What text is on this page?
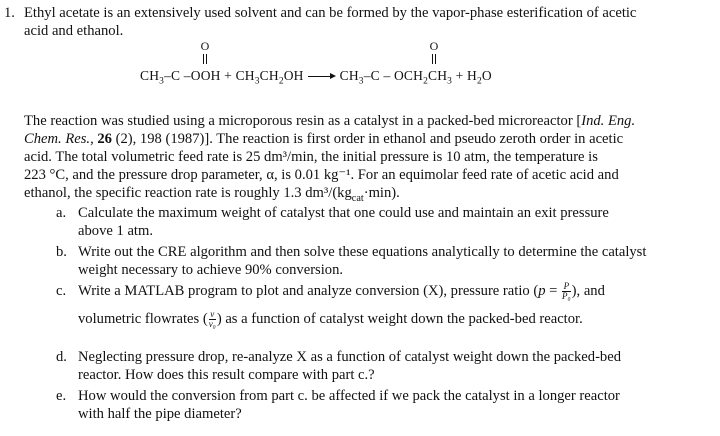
1. Ethyl acetate is an extensively used solvent and can be formed by the vapor-phase esterification of acetic
acid and ethanol.
O	O
$CH_3-C$ $-OOH + CH_3CH_2OH$	$CH_3-C - OCH_2CH_3 + H_2O$
The reaction was studied using a microporous resin as a catalyst in a packed-bed microreactor [Ind. Eng.
Chem. Res., 26 (2), 198 (1987)]. The reaction is first order in ethanol and pseudo zeroth order in acetic
acid. The total volumetric feed rate is 25 dm³/min, the initial pressure is 10 atm, the temperature is
223 °C, and the pressure drop parameter, α, is 0.01 kg⁻¹. For an equimolar feed rate of acetic acid and
ethanol, the specific reaction rate is roughly 1.3 dm³/$(kg_{cat}\cdot\min)$.
a. Calculate the maximum weight of catalyst that one could use and maintain an exit pressure
above 1 atm.
b. Write out the CRE algorithm and then solve these equations analytically to determine the catalyst
weight necessary to achieve 90% conversion.
c. Write a MATLAB program to plot and analyze conversion (X), pressure ratio ($p = \frac{P}{\text{P₀}}$ ), and
volumetric flowrates ( $\frac{v}{\text{v₀}}$ ) as a function of catalyst weight down the packed-bed reactor.
d. Neglecting pressure drop, re-analyze X as a function of catalyst weight down the packed-bed
reactor. How does this result compare with part c.?
e. How would the conversion from part c. be affected if we pack the catalyst in a longer reactor
with half the pipe diameter?
